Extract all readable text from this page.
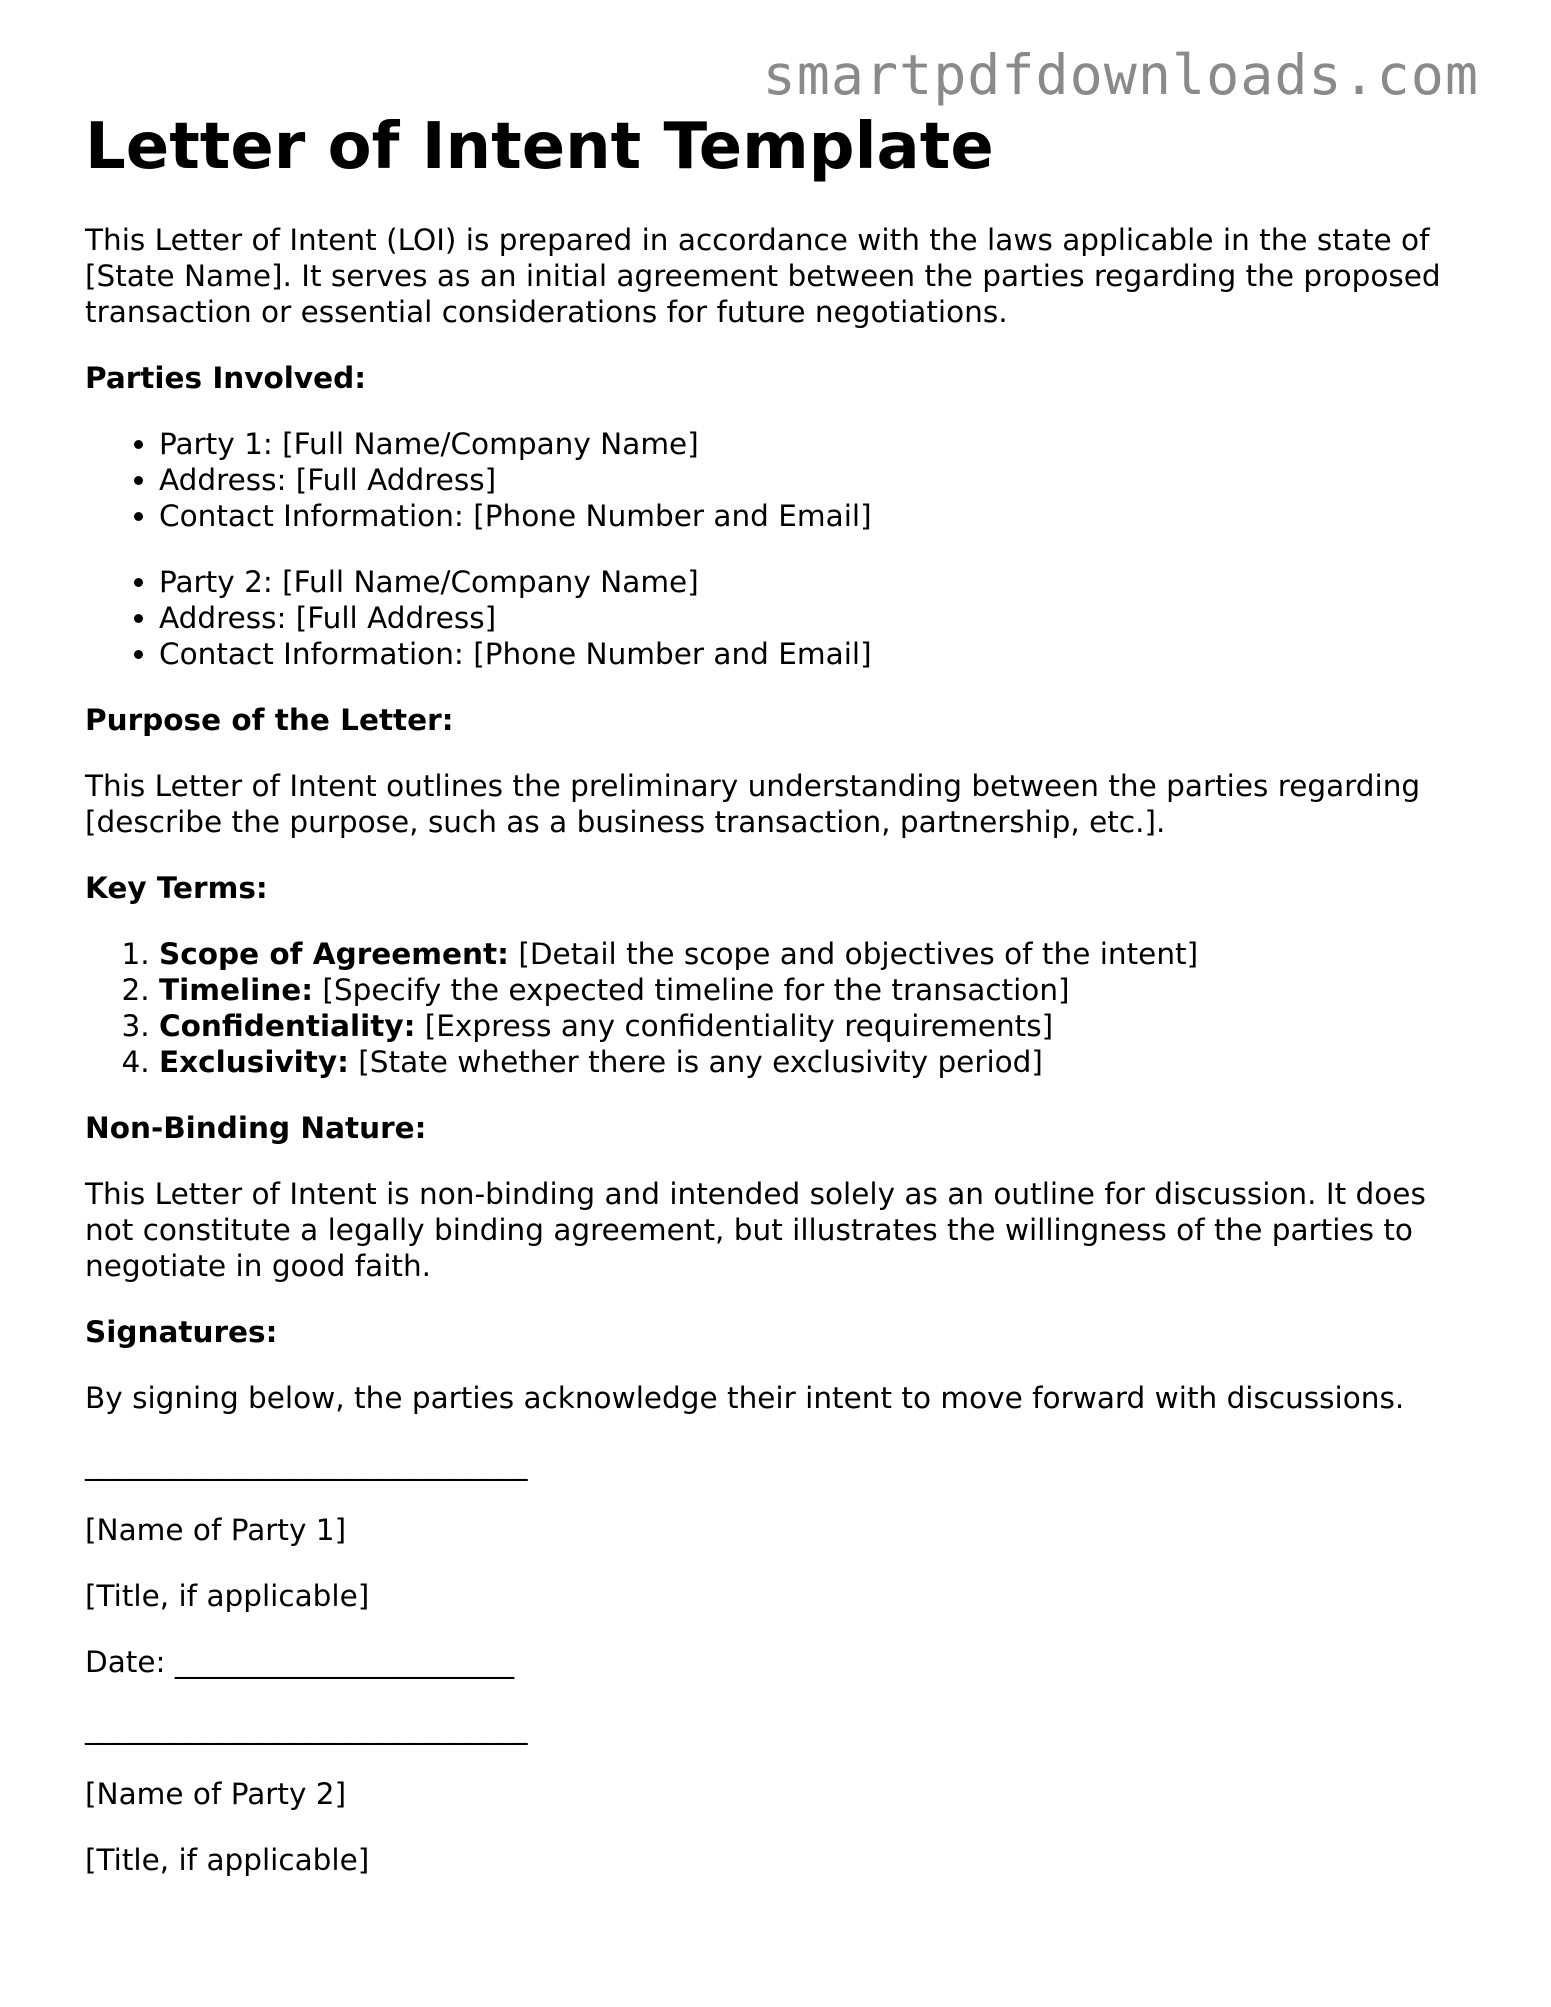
smartpdfdownloads.com
Letter of Intent Template

This Letter of Intent (LOI) is prepared in accordance with the laws applicable in the state of [State Name]. It serves as an initial agreement between the parties regarding the proposed transaction or essential considerations for future negotiations.

Parties Involved:
• Party 1: [Full Name/Company Name]
• Address: [Full Address]
• Contact Information: [Phone Number and Email]
• Party 2: [Full Name/Company Name]
• Address: [Full Address]
• Contact Information: [Phone Number and Email]
Purpose of the Letter:

This Letter of Intent outlines the preliminary understanding between the parties regarding [describe the purpose, such as a business transaction, partnership, etc.].

Key Terms:
1. Scope of Agreement: [Detail the scope and objectives of the intent]
2. Timeline: [Specify the expected timeline for the transaction]
3. Confidentiality: [Express any confidentiality requirements]
4. Exclusivity: [State whether there is any exclusivity period]
Non-Binding Nature:

This Letter of Intent is non-binding and intended solely as an outline for discussion. It does not constitute a legally binding agreement, but illustrates the willingness of the parties to negotiate in good faith.

Signatures:

By signing below, the parties acknowledge their intent to move forward with discussions.

______________________________

[Name of Party 1]

[Title, if applicable]

Date: _______________________

______________________________

[Name of Party 2]

[Title, if applicable]
